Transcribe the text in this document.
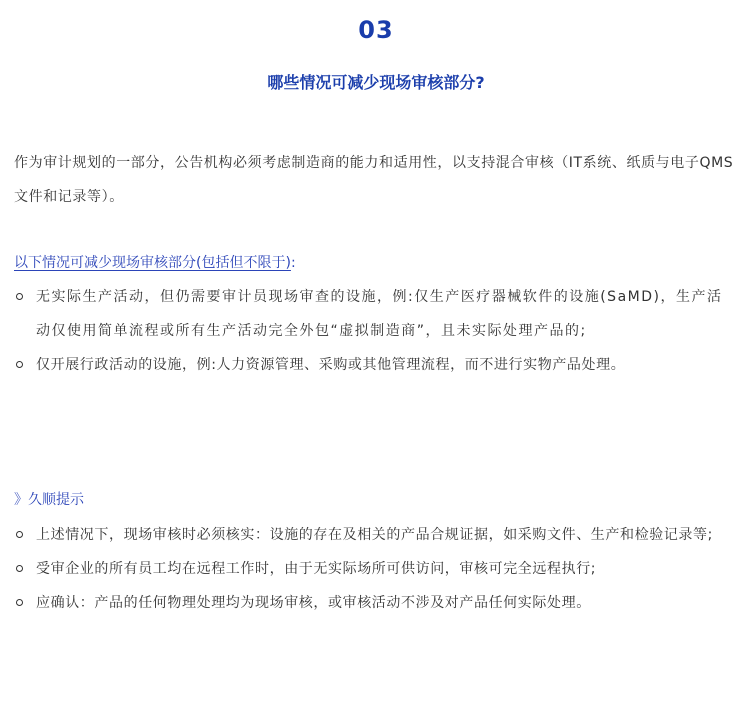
03
哪些情况可减少现场审核部分?

作为审计规划的一部分，公告机构必须考虑制造商的能力和适用性，以支持混合审核（IT系统、纸质与电子QMS文件和记录等）。

以下情况可减少现场审核部分(包括但不限于):

无实际生产活动，但仍需要审计员现场审查的设施，例:仅生产医疗器械软件的设施(SaMD)，生产活动仅使用简单流程或所有生产活动完全外包“虚拟制造商”，且未实际处理产品的;
仅开展行政活动的设施，例:人力资源管理、采购或其他管理流程，而不进行实物产品处理。

》久顺提示

上述情况下，现场审核时必须核实：设施的存在及相关的产品合规证据，如采购文件、生产和检验记录等;
受审企业的所有员工均在远程工作时，由于无实际场所可供访问，审核可完全远程执行;
应确认：产品的任何物理处理均为现场审核，或审核活动不涉及对产品任何实际处理。
